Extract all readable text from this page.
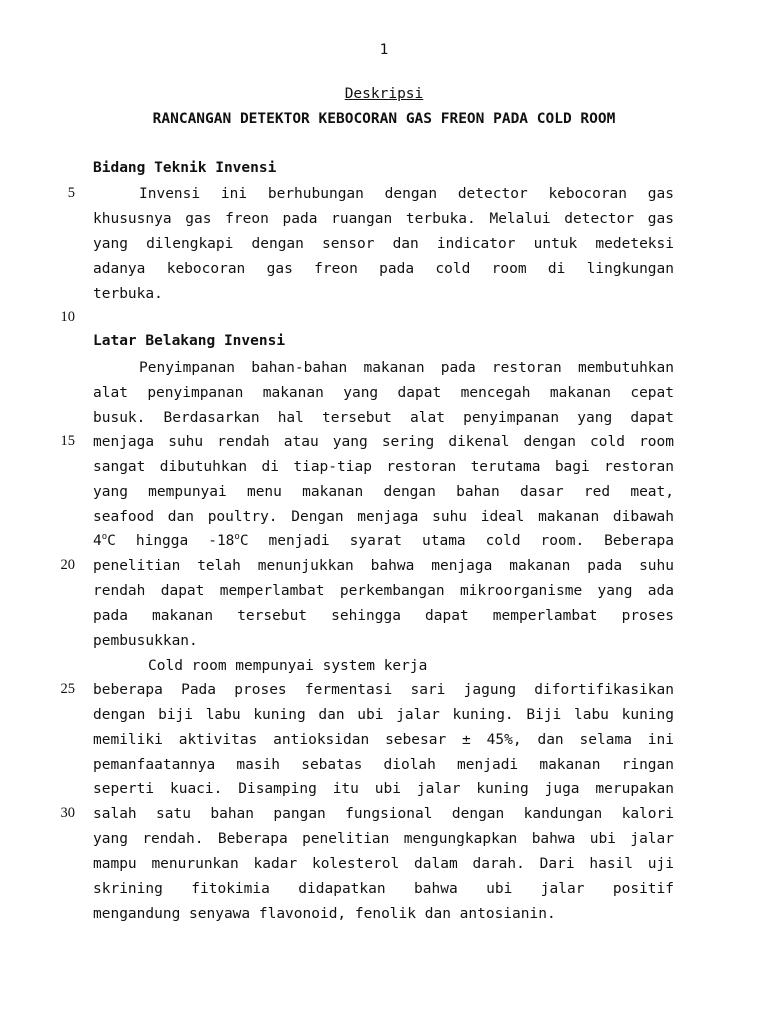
1
Deskripsi
RANCANGAN DETEKTOR KEBOCORAN GAS FREON PADA COLD ROOM
Bidang Teknik Invensi
5
10
15
20
25
30
Invensi ini berhubungan dengan detector kebocoran gas
khususnya gas freon pada ruangan terbuka. Melalui detector gas
yang dilengkapi dengan sensor dan indicator untuk medeteksi
adanya kebocoran gas freon pada cold room di lingkungan
terbuka.
Latar Belakang Invensi
Penyimpanan bahan-bahan makanan pada restoran membutuhkan
alat penyimpanan makanan yang dapat mencegah makanan cepat
busuk. Berdasarkan hal tersebut alat penyimpanan yang dapat
menjaga suhu rendah atau yang sering dikenal dengan cold room
sangat dibutuhkan di tiap-tiap restoran terutama bagi restoran
yang mempunyai menu makanan dengan bahan dasar red meat,
seafood dan poultry. Dengan menjaga suhu ideal makanan dibawah
4$^o$C hingga -18$^o$C menjadi syarat utama cold room. Beberapa
penelitian telah menunjukkan bahwa menjaga makanan pada suhu
rendah dapat memperlambat perkembangan mikroorganisme yang ada
pada makanan tersebut sehingga dapat memperlambat proses
pembusukkan.
Cold room mempunyai system kerja
beberapa Pada proses fermentasi sari jagung difortifikasikan
dengan biji labu kuning dan ubi jalar kuning. Biji labu kuning
memiliki aktivitas antioksidan sebesar ± 45%, dan selama ini
pemanfaatannya masih sebatas diolah menjadi makanan ringan
seperti kuaci. Disamping itu ubi jalar kuning juga merupakan
salah satu bahan pangan fungsional dengan kandungan kalori
yang rendah. Beberapa penelitian mengungkapkan bahwa ubi jalar
mampu menurunkan kadar kolesterol dalam darah. Dari hasil uji
skrining fitokimia didapatkan bahwa ubi jalar positif
mengandung senyawa flavonoid, fenolik dan antosianin.
